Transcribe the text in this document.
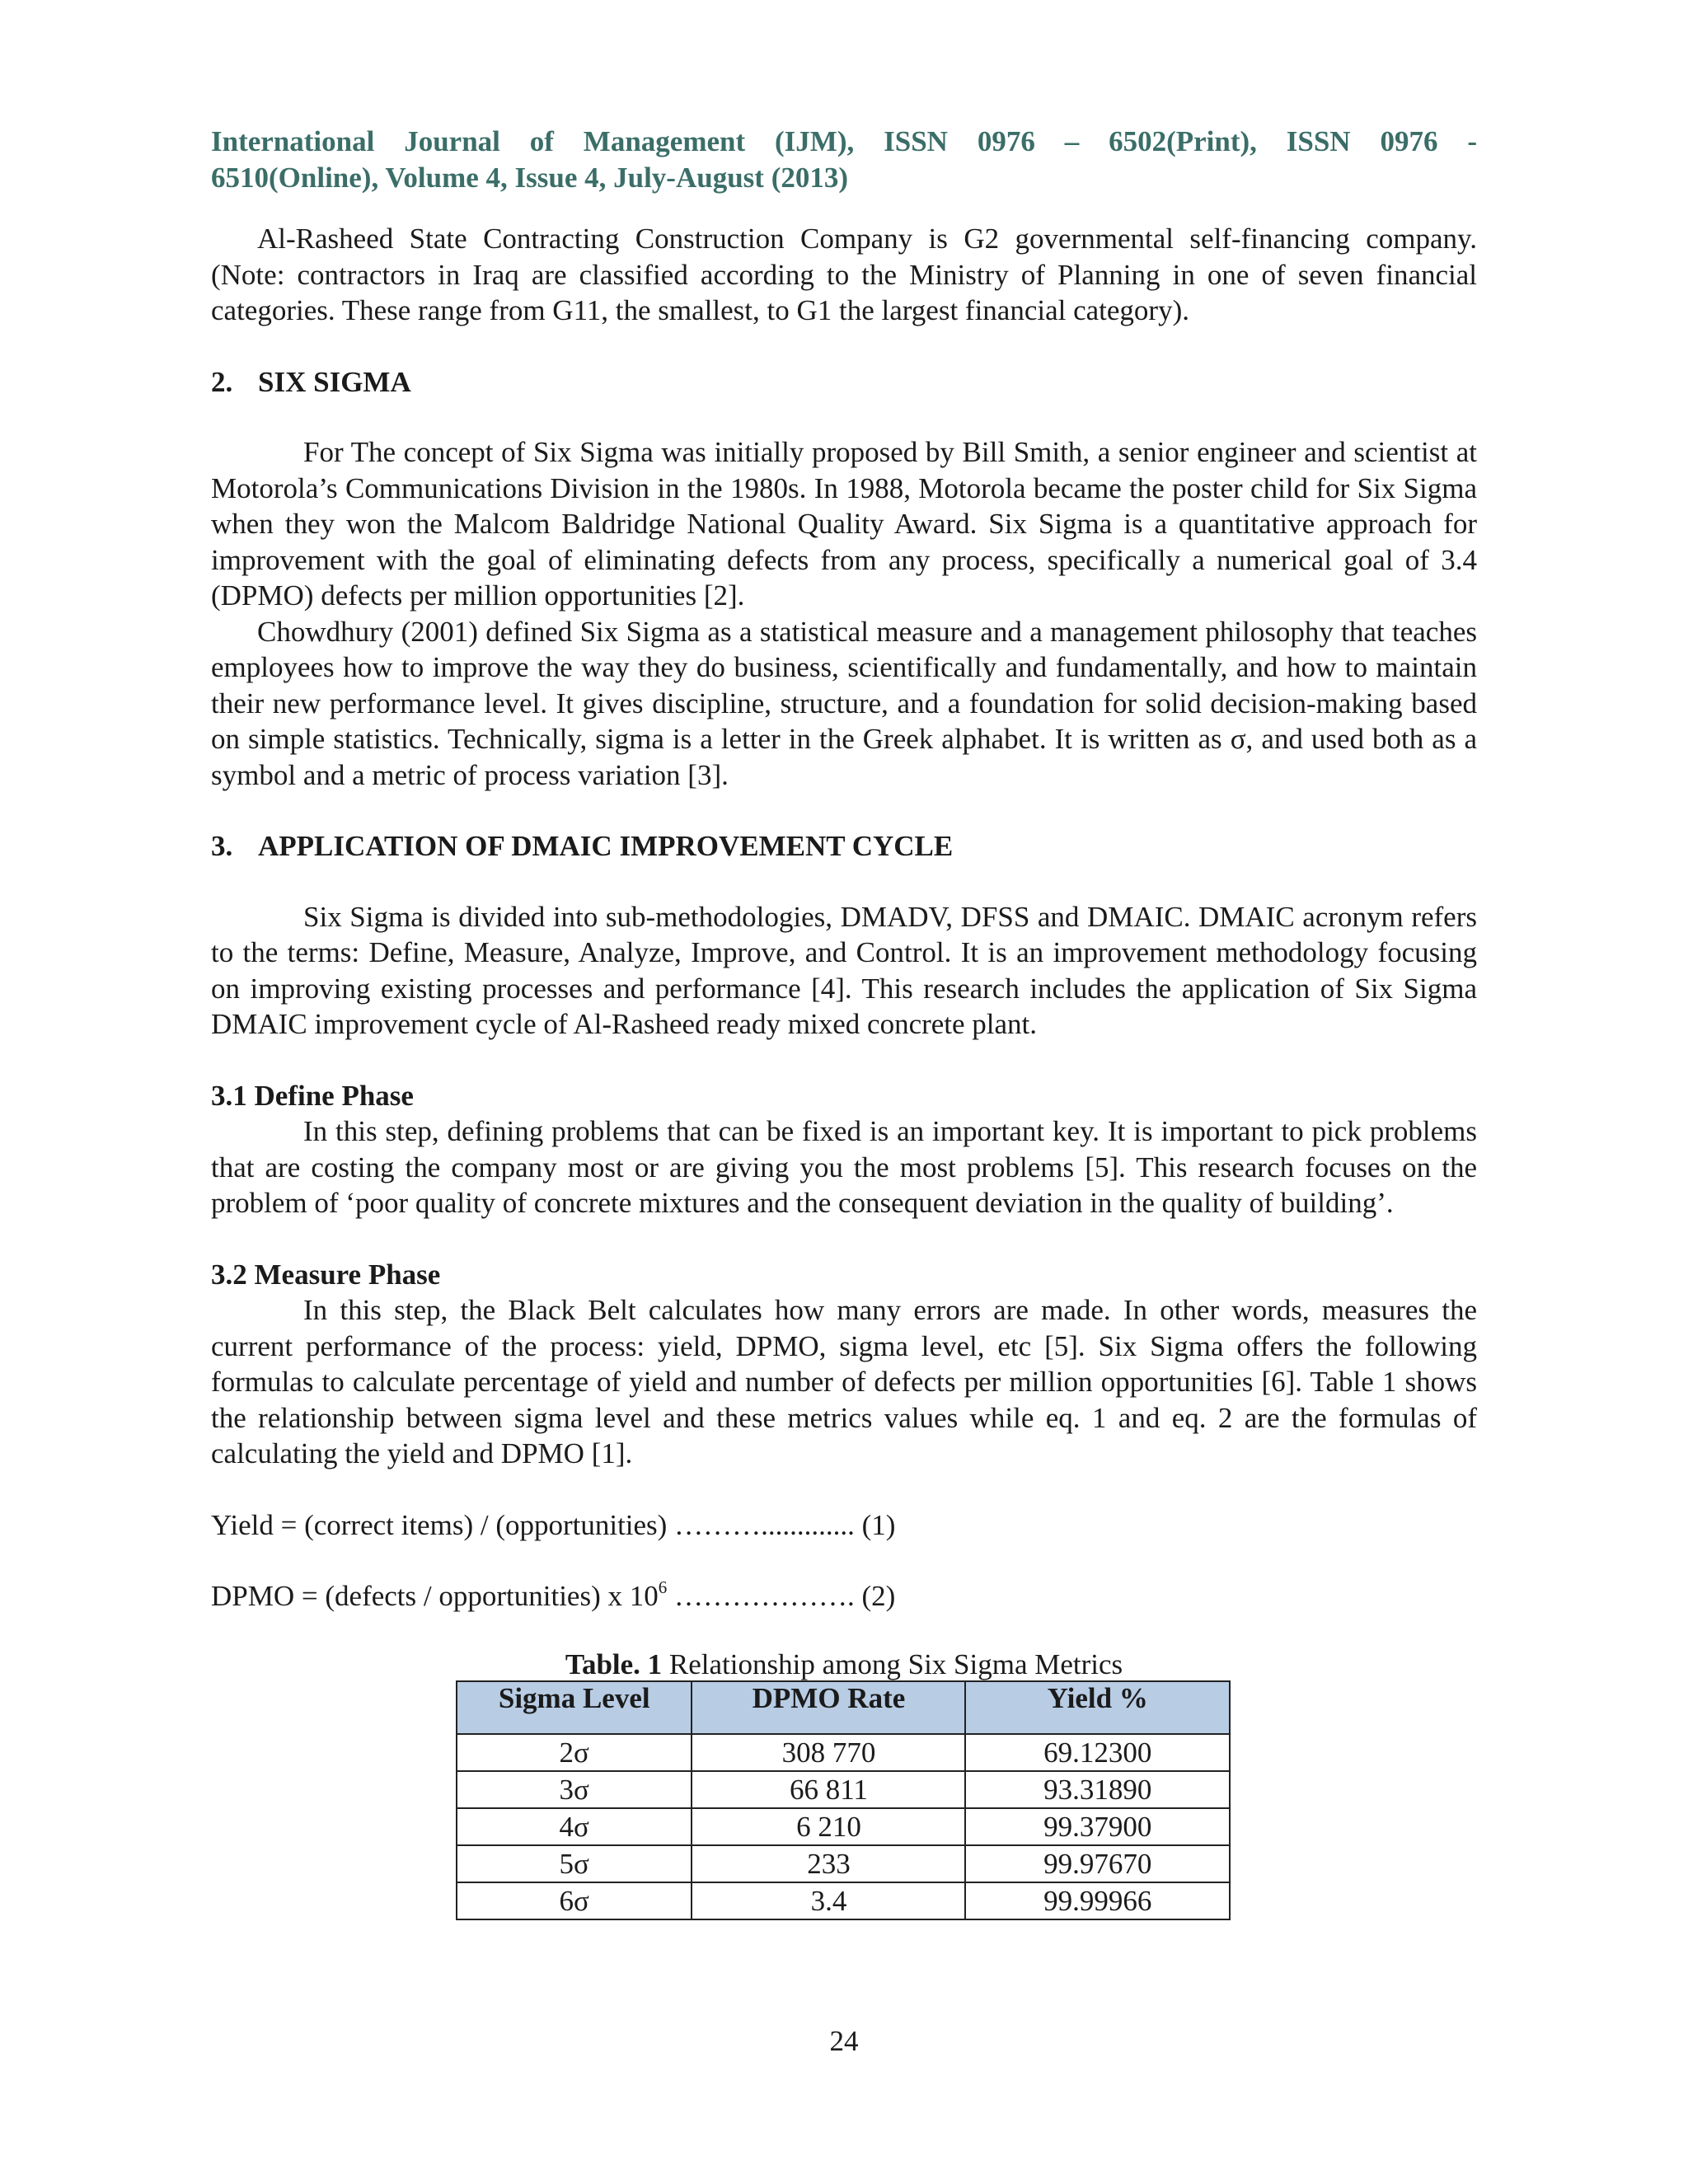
International Journal of Management (IJM), ISSN 0976 – 6502(Print), ISSN 0976 -
6510(Online), Volume 4, Issue 4, July-August (2013)

Al-Rasheed State Contracting Construction Company is G2 governmental self-financing company. (Note: contractors in Iraq are classified according to the Ministry of Planning in one of seven financial categories. These range from G11, the smallest, to G1 the largest financial category).

2. SIX SIGMA

For The concept of Six Sigma was initially proposed by Bill Smith, a senior engineer and scientist at Motorola’s Communications Division in the 1980s. In 1988, Motorola became the poster child for Six Sigma when they won the Malcom Baldridge National Quality Award. Six Sigma is a quantitative approach for improvement with the goal of eliminating defects from any process, specifically a numerical goal of 3.4 (DPMO) defects per million opportunities [2].

Chowdhury (2001) defined Six Sigma as a statistical measure and a management philosophy that teaches employees how to improve the way they do business, scientifically and fundamentally, and how to maintain their new performance level. It gives discipline, structure, and a foundation for solid decision-making based on simple statistics. Technically, sigma is a letter in the Greek alphabet. It is written as σ, and used both as a symbol and a metric of process variation [3].

3. APPLICATION OF DMAIC IMPROVEMENT CYCLE

Six Sigma is divided into sub-methodologies, DMADV, DFSS and DMAIC. DMAIC acronym refers to the terms: Define, Measure, Analyze, Improve, and Control. It is an improvement methodology focusing on improving existing processes and performance [4]. This research includes the application of Six Sigma DMAIC improvement cycle of Al-Rasheed ready mixed concrete plant.

3.1 Define Phase

In this step, defining problems that can be fixed is an important key. It is important to pick problems that are costing the company most or are giving you the most problems [5]. This research focuses on the problem of ‘poor quality of concrete mixtures and the consequent deviation in the quality of building’.

3.2 Measure Phase

In this step, the Black Belt calculates how many errors are made. In other words, measures the current performance of the process: yield, DPMO, sigma level, etc [5]. Six Sigma offers the following formulas to calculate percentage of yield and number of defects per million opportunities [6]. Table 1 shows the relationship between sigma level and these metrics values while eq. 1 and eq. 2 are the formulas of calculating the yield and DPMO [1].

Yield = (correct items) / (opportunities) ………............. (1)
DPMO = (defects / opportunities) x $10^6$ ………………. (2)
Table. 1 Relationship among Six Sigma Metrics
Sigma Level	DPMO Rate	Yield %
2σ	308 770	69.12300
3σ	66 811	93.31890
4σ	6 210	99.37900
5σ	233	99.97670
6σ	3.4	99.99966
24
